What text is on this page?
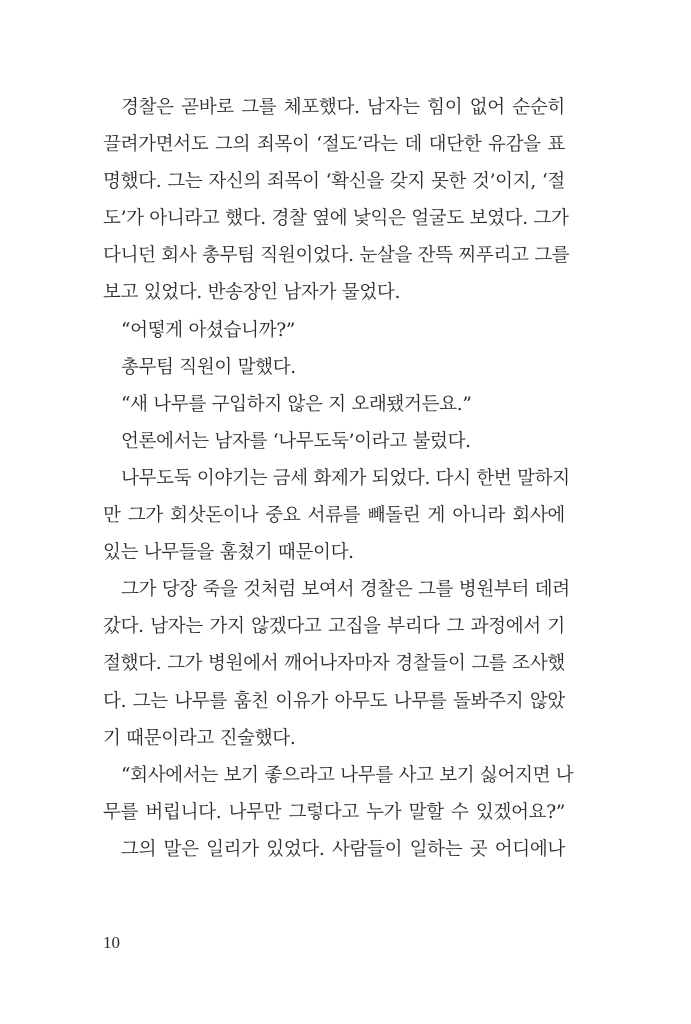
경찰은 곧바로 그를 체포했다. 남자는 힘이 없어 순순히
끌려가면서도 그의 죄목이 ‘절도’라는 데 대단한 유감을 표
명했다. 그는 자신의 죄목이 ‘확신을 갖지 못한 것’이지, ‘절
도’가 아니라고 했다. 경찰 옆에 낯익은 얼굴도 보였다. 그가
다니던 회사 총무팀 직원이었다. 눈살을 잔뜩 찌푸리고 그를
보고 있었다. 반송장인 남자가 물었다.
“어떻게 아셨습니까?”
총무팀 직원이 말했다.
“새 나무를 구입하지 않은 지 오래됐거든요.”
언론에서는 남자를 ‘나무도둑’이라고 불렀다.
나무도둑 이야기는 금세 화제가 되었다. 다시 한번 말하지
만 그가 회삿돈이나 중요 서류를 빼돌린 게 아니라 회사에
있는 나무들을 훔쳤기 때문이다.
그가 당장 죽을 것처럼 보여서 경찰은 그를 병원부터 데려
갔다. 남자는 가지 않겠다고 고집을 부리다 그 과정에서 기
절했다. 그가 병원에서 깨어나자마자 경찰들이 그를 조사했
다. 그는 나무를 훔친 이유가 아무도 나무를 돌봐주지 않았
기 때문이라고 진술했다.
“회사에서는 보기 좋으라고 나무를 사고 보기 싫어지면 나
무를 버립니다. 나무만 그렇다고 누가 말할 수 있겠어요?”
그의 말은 일리가 있었다. 사람들이 일하는 곳 어디에나
10
